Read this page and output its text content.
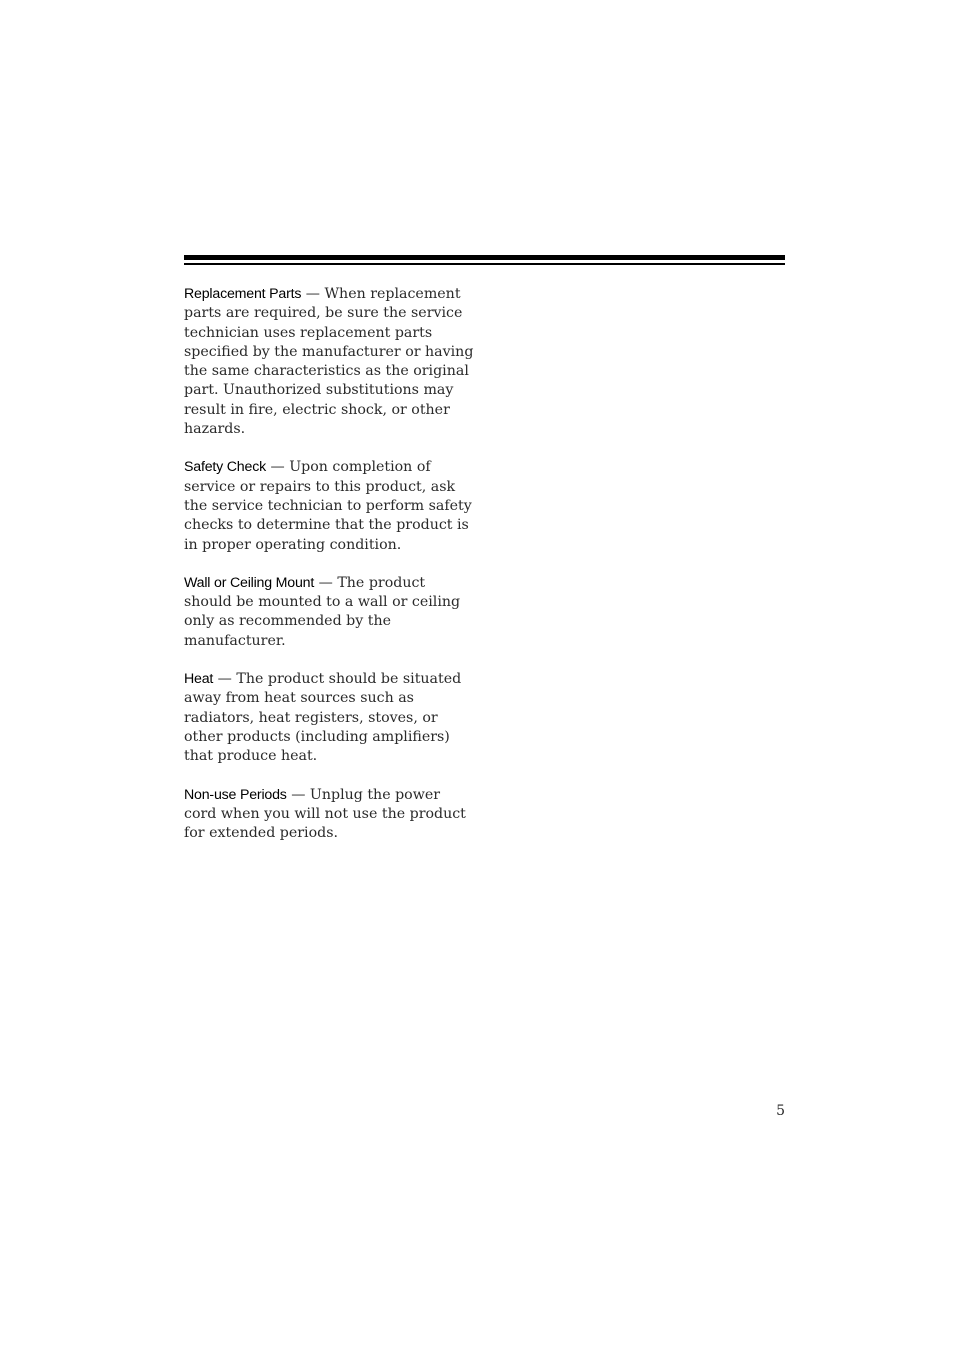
Replacement Parts — When replacement parts are required, be sure the service technician uses replacement parts specified by the manufacturer or having the same characteristics as the original part. Unauthorized substitutions may result in fire, electric shock, or other hazards.

Safety Check — Upon completion of service or repairs to this product, ask the service technician to perform safety checks to determine that the product is in proper operating condition.

Wall or Ceiling Mount — The product should be mounted to a wall or ceiling only as recommended by the manufacturer.

Heat — The product should be situated away from heat sources such as radiators, heat registers, stoves, or other products (including amplifiers) that produce heat.

Non-use Periods — Unplug the power cord when you will not use the product for extended periods.

5
